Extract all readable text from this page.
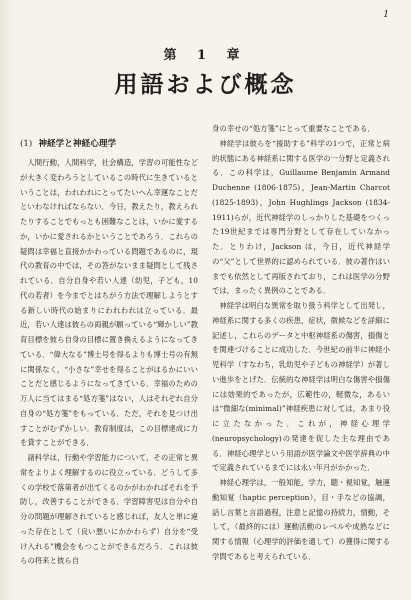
1
第 1 章
用語および概念
(1) 神経学と神経心理学

人間行動，人間科学，社会構造，学習の可能性などが大きく変わろうとしているこの時代に生きているということは，われわれにとってたいへん幸運なことだといわなければならない．今日，教えたり，教えられたりすることでもっとも困難なことは，いかに愛するか，いかに愛されるかということであろう．これらの疑問は幸福と直接かかわっている問題であるのに，現代の教育の中では，その答がないまま疑問として残されている．自分自身や若い人達（幼児，子ども，10代の若者）を今までとはちがう方法で理解しようとする新しい時代の始まりにわれわれは立っている．最近，若い人達は彼らの両親が願っている“輝かしい”教育目標を彼ら自身の目標に置き換えるようになってきている．“偉大なる”博士号を得るよりも博士号の有無に関係なく，“小さな”幸せを得ることがはるかにいいことだと感じるようになってきている．幸福のための万人に当てはまる“処方箋”はない，人はそれぞれ自分自身の“処方箋”をもっている．ただ，それを見つけ出すことがむずかしい．教育制度は，この目標達成に力を貸すことができる．

諸科学は，行動や学習能力について，その正常と異常をよりよく理解するのに役立っている．どうして多くの学校で落第者が出てくるのかがわかればそれを予防し，改善することができる．学習障害児は自分や自分の問題が理解されていると感じれば，友人と単に違った存在として（良い悪いにかかわらず）自分を“受け入れる”機会をもつことができるだろう．これは彼らの将来と彼ら自

身の幸せの“処方箋”にとって重要なことである．

神経学は彼らを“援助する”科学の1つで，正常と病的状態にある神経系に関する医学の一分野と定義される．この科学は，Guillaume Benjamin Armand Duchenne (1806-1875)，Jean-Martin Charcot (1825-1893)，John Hughlings Jackson (1834-1911)らが，近代神経学のしっかりした基礎をつくった19世紀までは専門分野として存在していなかった．とりわけ，Jackson は，今日，近代神経学の“父”として世界的に認められている．彼の著作はいまでも依然として再版されており，これは医学の分野では，まったく異例のことである．

神経学は明白な異常を取り扱う科学として出発し，神経系に関する多くの疾患，症状，徴候などを詳細に記述し，これらのデータと中枢神経系の傷害，損傷とを関連づけることに成功した．今世紀の前半に神経小児科学（すなわち，乳幼児や子どもの神経学）が著しい進歩をとげた．伝統的な神経学は明白な傷害や損傷には効果的であったが，広範性の，軽微な，あるいは“微細な(minimal)”神経疾患に対しては，あまり役に立たなかった．これが，神経心理学(neuropsychology)の発達を促した主な理由である．神経心理学という用語が医学論文や医学辞典の中で定義されているまでには永い年月がかかった．

神経心理学は，一般知能，学力，聴・視知覚，触運動知覚（haptic perception），目・手などの協調，話し言葉と言語過程，注意と記憶の持続力，情動，そして，（最終的には）運動活動のレベルや成熟などに関する情報（心理学的評価を通して）の獲得に関する学問であると考えられている．
